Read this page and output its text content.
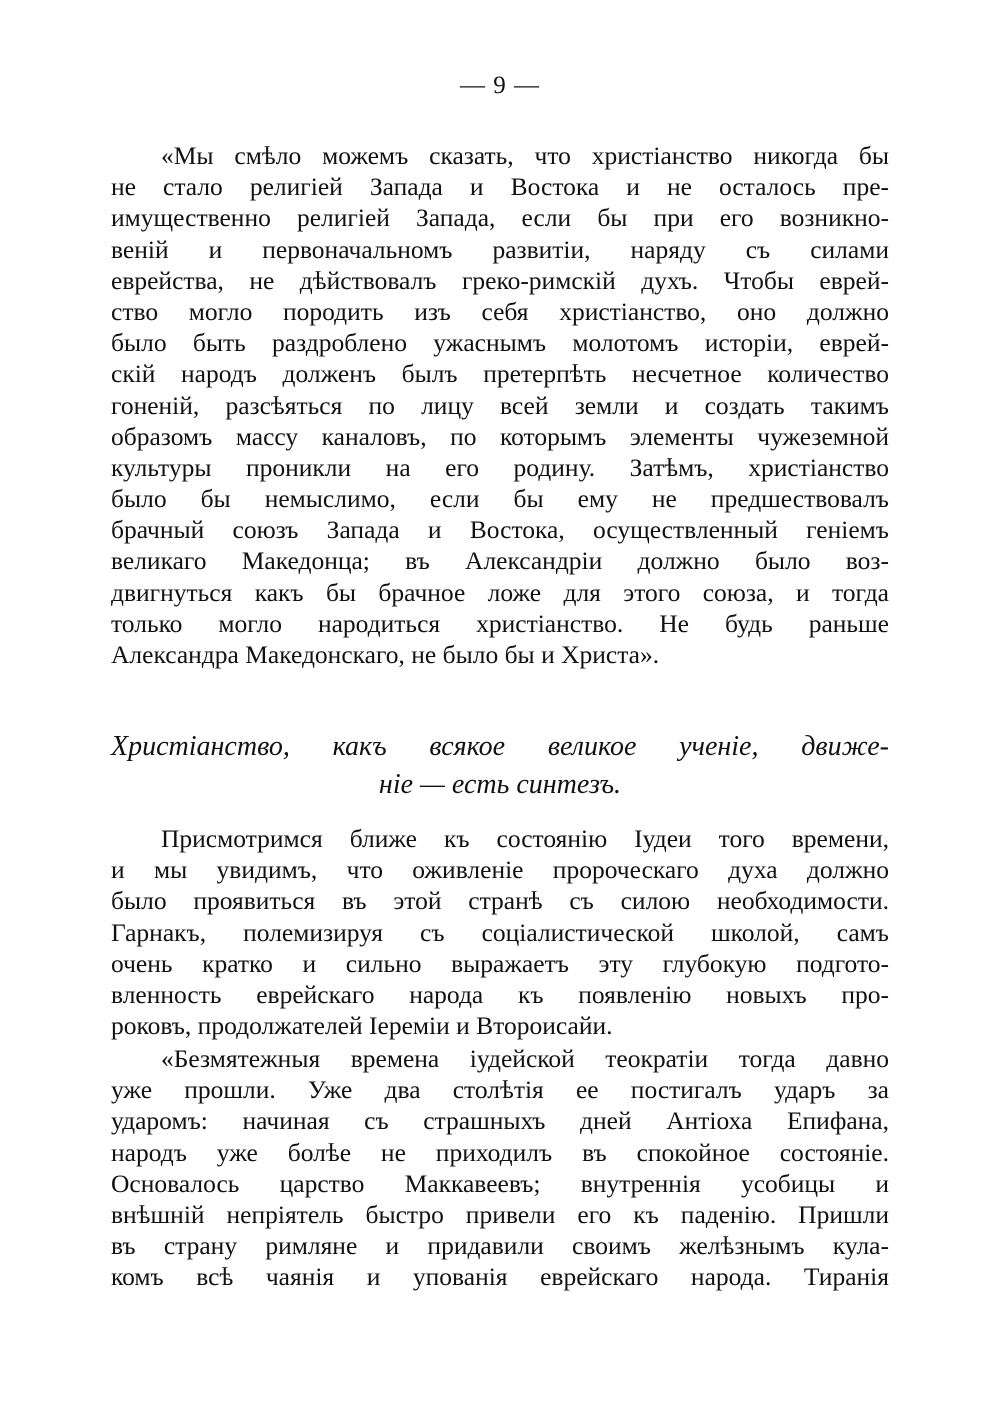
— 9 —
«Мы смѣло можемъ сказать, что христіанство никогда бы
не стало религіей Запада и Востока и не осталось пре-
имущественно религіей Запада, если бы при его возникно-
веній и первоначальномъ развитіи, наряду съ силами
еврейства, не дѣйствовалъ греко-римскій духъ. Чтобы еврей-
ство могло породить изъ себя христіанство, оно должно
было быть раздроблено ужаснымъ молотомъ исторіи, еврей-
скій народъ долженъ былъ претерпѣть несчетное количество
гоненій, разсѣяться по лицу всей земли и создать такимъ
образомъ массу каналовъ, по которымъ элементы чужеземной
культуры проникли на его родину. Затѣмъ, христіанство
было бы немыслимо, если бы ему не предшествовалъ
брачный союзъ Запада и Востока, осуществленный геніемъ
великаго Македонца; въ Александріи должно было воз-
двигнуться какъ бы брачное ложе для этого союза, и тогда
только могло народиться христіанство. Не будь раньше
Александра Македонскаго, не было бы и Христа».
Христіанство, какъ всякое великое ученіе, движе-
ніе — есть синтезъ.
Присмотримся ближе къ состоянію Іудеи того времени,
и мы увидимъ, что оживленіе пророческаго духа должно
было проявиться въ этой странѣ съ силою необходимости.
Гарнакъ, полемизируя съ соціалистической школой, самъ
очень кратко и сильно выражаетъ эту глубокую подгото-
вленность еврейскаго народа къ появленію новыхъ про-
роковъ, продолжателей Іереміи и Второисайи.
«Безмятежныя времена іудейской теократіи тогда давно
уже прошли. Уже два столѣтія ее постигалъ ударъ за
ударомъ: начиная съ страшныхъ дней Антіоха Епифана,
народъ уже болѣе не приходилъ въ спокойное состояніе.
Основалось царство Маккавеевъ; внутреннія усобицы и
внѣшній непріятель быстро привели его къ паденію. Пришли
въ страну римляне и придавили своимъ желѣзнымъ кула-
комъ всѣ чаянія и упованія еврейскаго народа. Тиранія
